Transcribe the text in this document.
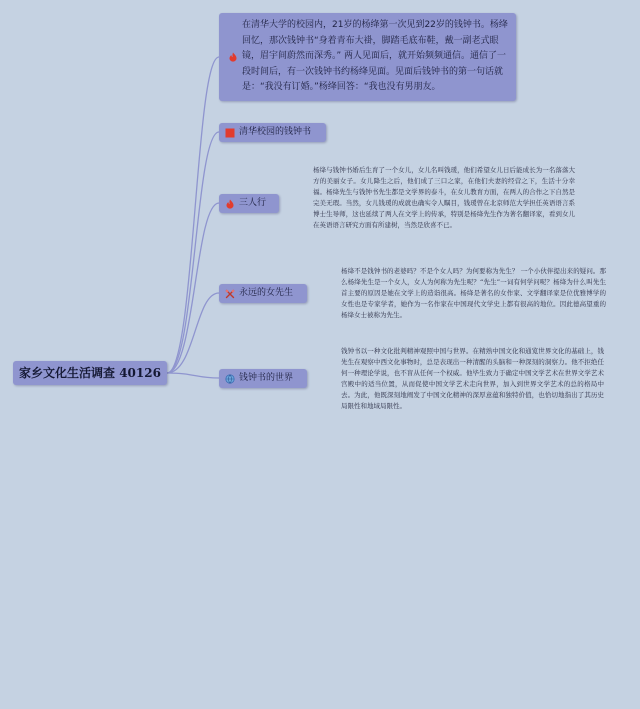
家乡文化生活调查 40126
在清华大学的校园内，21岁的杨绛第一次见到22岁的钱钟书。杨绛回忆，那次钱钟书“身着青布大褂，脚踏毛底布鞋，戴一副老式眼镜，眉宇间蔚然而深秀。” 两人见面后，就开始频频通信。通信了一段时间后，有一次钱钟书约杨绛见面。见面后钱钟书的第一句话就是：“我没有订婚。”杨绛回答：“我也没有男朋友。
清华校园的钱钟书
三人行
永远的女先生
钱钟书的世界
杨绛与钱钟书婚后生育了一个女儿，女儿名叫钱瑗，他们希望女儿日后能成长为一名落落大方的美丽女子。女儿降生之后，他们成了三口之家，在他们夫妻的经营之下，生活十分幸福。杨绛先生与钱钟书先生都是文学界的泰斗，在女儿教育方面，在两人的合作之下自然是完美无瑕。当然，女儿钱瑗的成就也确实令人瞩目，钱瑗曾在北京师范大学担任英语语言系博士生导师，这也延续了两人在文学上的传承，特别是杨绛先生作为著名翻译家，看到女儿在英语语言研究方面有所建树，当然是欣喜不已。
杨绛不是钱钟书的老婆吗？不是个女人吗？为何要称为先生？ 一个小伙伴提出来的疑问。那么杨绛先生是一个女人，女人为何称为先生呢？“先生”一词有何学问呢？杨绛为什么叫先生首主要的原因是她在文学上的造诣很高。杨绛是著名的女作家、文学翻译家是位优雅博学的女性也是专家学者，她作为一名作家在中国现代文学史上都有很高的地位。因此德高望重的杨绛女士被称为先生。
钱钟书以一种文化批判精神观照中国与世界。在精熟中国文化和通览世界文化的基础上，钱先生在观察中西文化事物时，总是表现出一种清醒的头脑和一种深刻的洞察力。他不拒绝任何一种理论学说，也不盲从任何一个权威。他毕生致力于确定中国文学艺术在世界文学艺术宫殿中的适当位置，从而促使中国文学艺术走向世界，加入到世界文学艺术的总的格局中去。为此，他既深刻地阐发了中国文化精神的深厚意蕴和独特价值，也恰切地指出了其历史局限性和地域局限性。
